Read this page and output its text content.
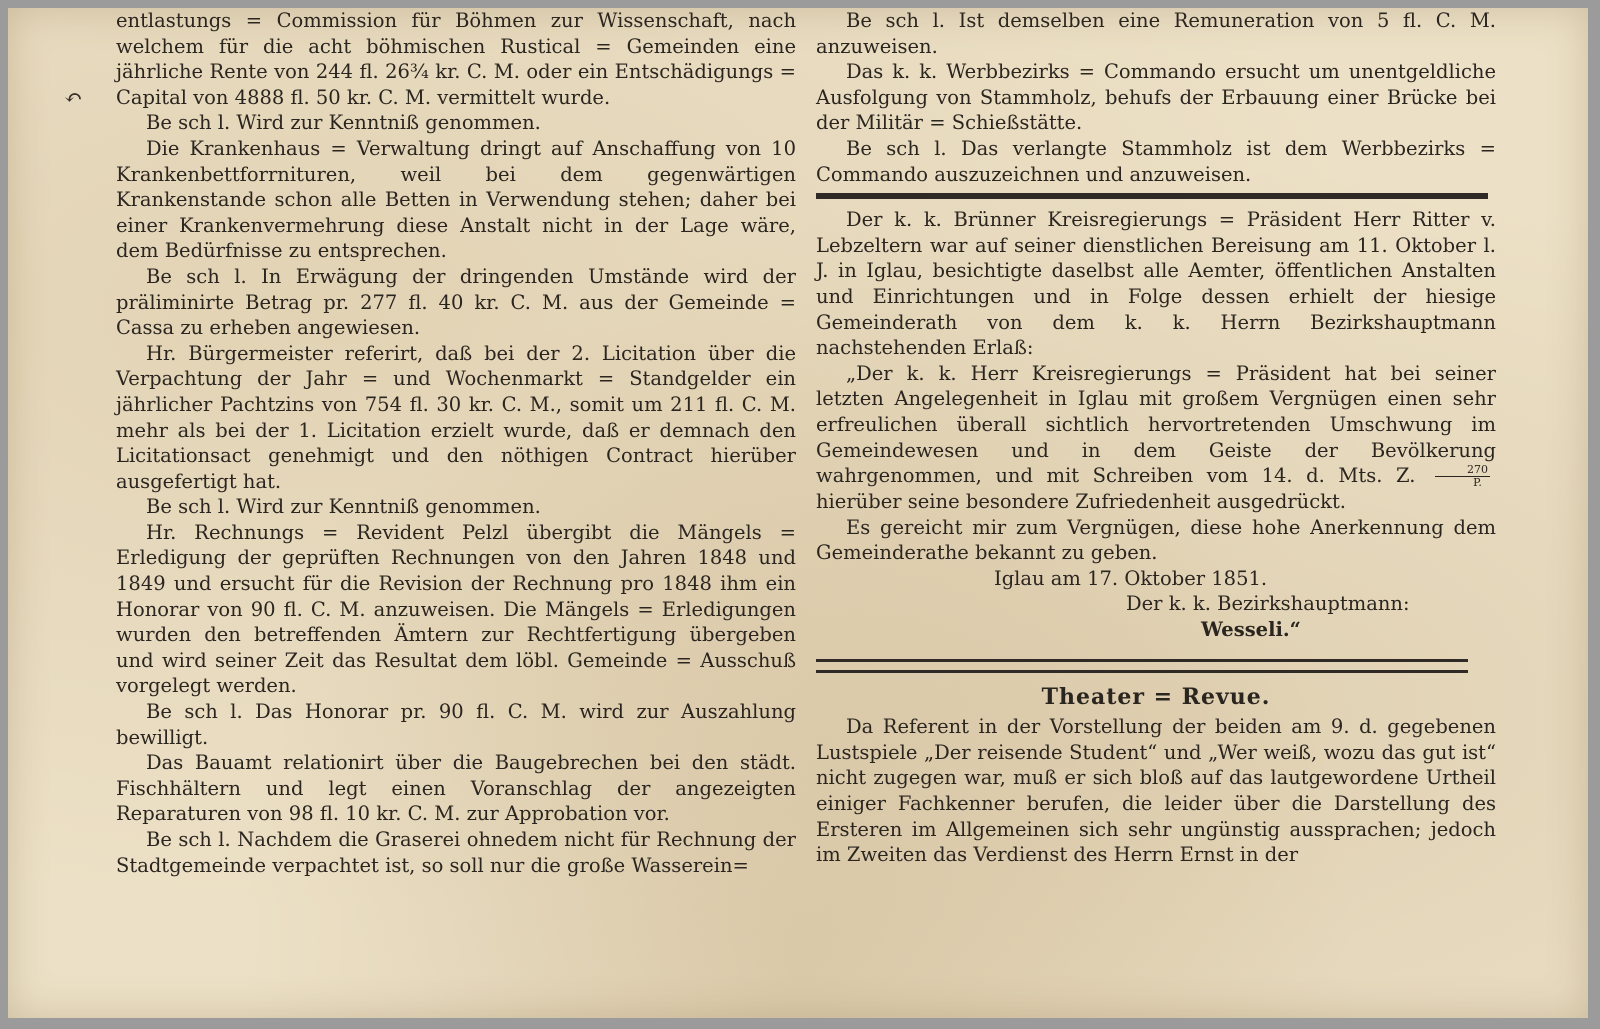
↶

entlastungs = Commission für Böhmen zur Wissenschaft, nach welchem für die acht böhmischen Rustical = Gemeinden eine jährliche Rente von 244 fl. 26¾ kr. C. M. oder ein Entschädigungs = Capital von 4888 fl. 50 kr. C. M. vermittelt wurde.

Be sch l. Wird zur Kenntniß genommen.

Die Krankenhaus = Verwaltung dringt auf Anschaffung von 10 Krankenbettforrnituren, weil bei dem gegenwärtigen Krankenstande schon alle Betten in Verwendung stehen; daher bei einer Krankenvermehrung diese Anstalt nicht in der Lage wäre, dem Bedürfnisse zu entsprechen.

Be sch l. In Erwägung der dringenden Umstände wird der präliminirte Betrag pr. 277 fl. 40 kr. C. M. aus der Gemeinde = Cassa zu erheben angewiesen.

Hr. Bürgermeister referirt, daß bei der 2. Licitation über die Verpachtung der Jahr = und Wochenmarkt = Standgelder ein jährlicher Pachtzins von 754 fl. 30 kr. C. M., somit um 211 fl. C. M. mehr als bei der 1. Licitation erzielt wurde, daß er demnach den Licitationsact genehmigt und den nöthigen Contract hierüber ausgefertigt hat.

Be sch l. Wird zur Kenntniß genommen.

Hr. Rechnungs = Revident Pelzl übergibt die Mängels = Erledigung der geprüften Rechnungen von den Jahren 1848 und 1849 und ersucht für die Revision der Rechnung pro 1848 ihm ein Honorar von 90 fl. C. M. anzuweisen. Die Mängels = Erledigungen wurden den betreffenden Ämtern zur Rechtfertigung übergeben und wird seiner Zeit das Resultat dem löbl. Gemeinde = Ausschuß vorgelegt werden.

Be sch l. Das Honorar pr. 90 fl. C. M. wird zur Auszahlung bewilligt.

Das Bauamt relationirt über die Baugebrechen bei den städt. Fischhältern und legt einen Voranschlag der angezeigten Reparaturen von 98 fl. 10 kr. C. M. zur Approbation vor.

Be sch l. Nachdem die Graserei ohnedem nicht für Rechnung der Stadtgemeinde verpachtet ist, so soll nur die große Wasserein=

Be sch l. Ist demselben eine Remuneration von 5 fl. C. M. anzuweisen.

Das k. k. Werbbezirks = Commando ersucht um unentgeldliche Ausfolgung von Stammholz, behufs der Erbauung einer Brücke bei der Militär = Schießstätte.

Be sch l. Das verlangte Stammholz ist dem Werbbezirks = Commando auszuzeichnen und anzuweisen.

Der k. k. Brünner Kreisregierungs = Präsident Herr Ritter v. Lebzeltern war auf seiner dienstlichen Bereisung am 11. Oktober l. J. in Iglau, besichtigte daselbst alle Aemter, öffentlichen Anstalten und Einrichtungen und in Folge dessen erhielt der hiesige Gemeinderath von dem k. k. Herrn Bezirkshauptmann nachstehenden Erlaß:

„Der k. k. Herr Kreisregierungs = Präsident hat bei seiner letzten Angelegenheit in Iglau mit großem Vergnügen einen sehr erfreulichen überall sichtlich hervortretenden Umschwung im Gemeindewesen und in dem Geiste der Bevölkerung wahrgenommen, und mit Schreiben vom 14. d. Mts. Z. $\frac{270}{P.}$
hierüber seine besondere Zufriedenheit ausgedrückt.

Es gereicht mir zum Vergnügen, diese hohe Anerkennung dem Gemeinderathe bekannt zu geben.

Iglau am 17. Oktober 1851.

Der k. k. Bezirkshauptmann:

Wesseli.“

Theater = Revue.

Da Referent in der Vorstellung der beiden am 9. d. gegebenen Lustspiele „Der reisende Student“ und „Wer weiß, wozu das gut ist“ nicht zugegen war, muß er sich bloß auf das lautgewordene Urtheil einiger Fachkenner berufen, die leider über die Darstellung des Ersteren im Allgemeinen sich sehr ungünstig aussprachen; jedoch im Zweiten das Verdienst des Herrn Ernst in der
